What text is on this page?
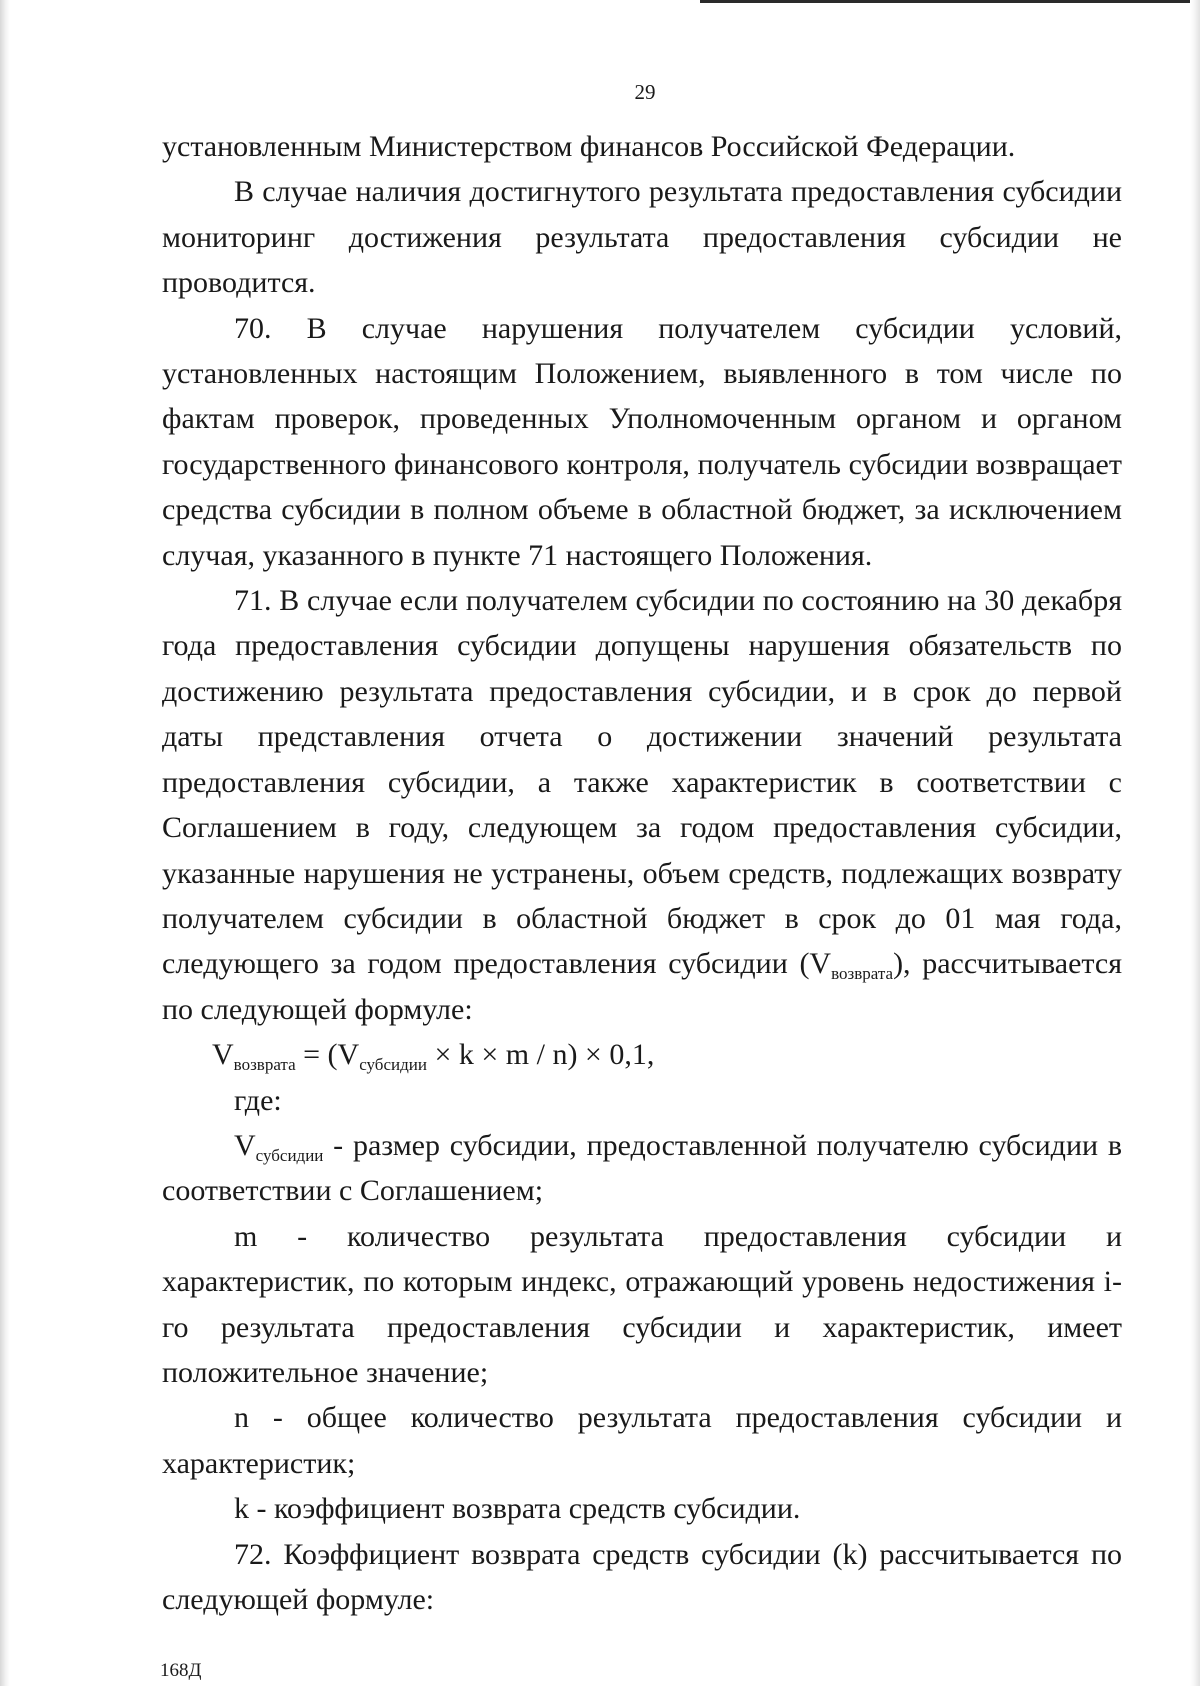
29

установленным Министерством финансов Российской Федерации.

В случае наличия достигнутого результата предоставления субсидии мониторинг достижения результата предоставления субсидии не проводится.

70. В случае нарушения получателем субсидии условий, установленных настоящим Положением, выявленного в том числе по фактам проверок, проведенных Уполномоченным органом и органом государственного финансового контроля, получатель субсидии возвращает средства субсидии в полном объеме в областной бюджет, за исключением случая, указанного в пункте 71 настоящего Положения.

71. В случае если получателем субсидии по состоянию на 30 декабря года предоставления субсидии допущены нарушения обязательств по достижению результата предоставления субсидии, и в срок до первой даты представления отчета о достижении значений результата предоставления субсидии, а также характеристик в соответствии с Соглашением в году, следующем за годом предоставления субсидии, указанные нарушения не устранены, объем средств, подлежащих возврату получателем субсидии в областной бюджет в срок до 01 мая года, следующего за годом предоставления субсидии $(V_{возврата})$, рассчитывается по следующей формуле:

$V_{возврата} = (V_{субсидии} \times k \times m / n) \times 0,1$,

где:

$V_{субсидии}$ - размер субсидии, предоставленной получателю субсидии в соответствии с Соглашением;

m - количество результата предоставления субсидии и характеристик, по которым индекс, отражающий уровень недостижения i-го результата предоставления субсидии и характеристик, имеет положительное значение;

n - общее количество результата предоставления субсидии и характеристик;

k - коэффициент возврата средств субсидии.

72. Коэффициент возврата средств субсидии (k) рассчитывается по следующей формуле:

168Д
